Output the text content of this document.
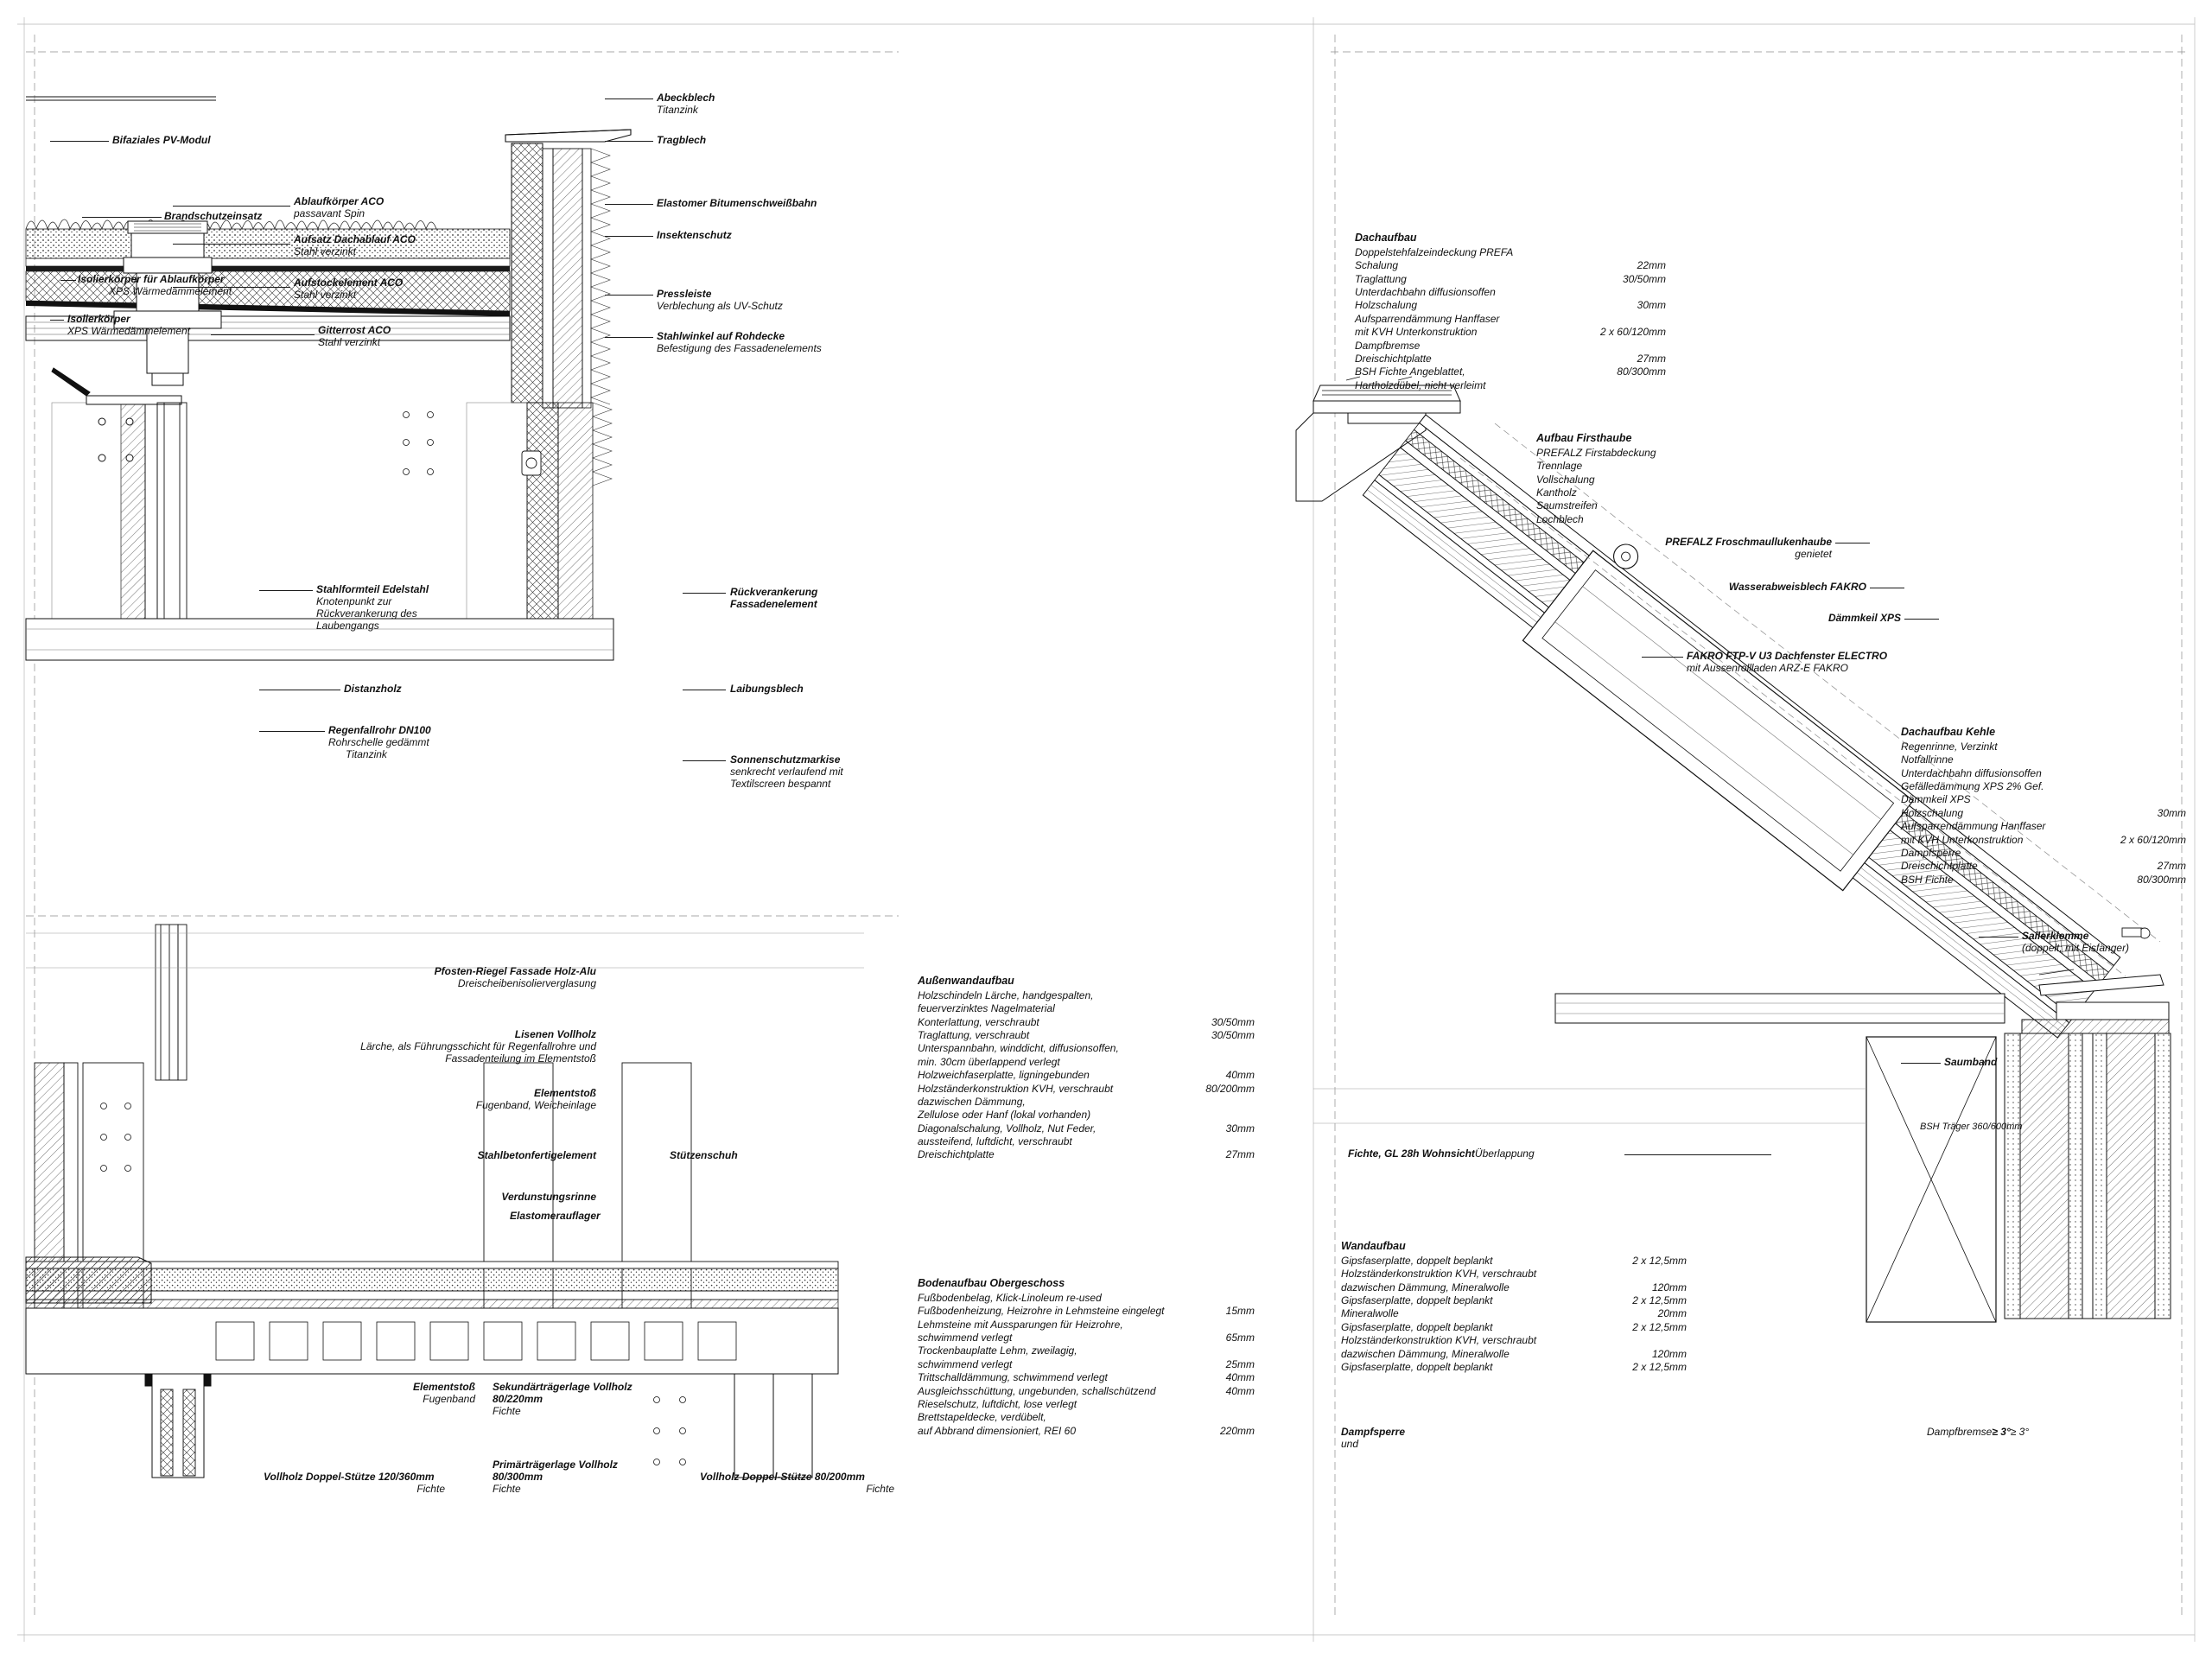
Bifaziales PV-Modul
Brandschutzeinsatz
Ablaufkörper ACO
passavant Spin
Aufsatz Dachablauf ACO
Stahl verzinkt
Isolierkörper für Ablaufkörper
XPS Wärmedämmelement
Aufstockelement ACO
Stahl verzinkt
Isolierkörper
XPS Wärmedämmelement	Gitterrost ACO
Stahl verzinkt
Abeckblech
Titanzink
Tragblech
Elastomer Bitumenschweißbahn
Insektenschutz
Pressleiste
Verblechung als UV-Schutz
Stahlwinkel auf Rohdecke
Befestigung des Fassadenelements
Stahlformteil Edelstahl
Knotenpunkt zur
Rückverankerung des
Laubengangs
Distanzholz
Regenfallrohr DN100
Rohrschelle gedämmt
Titanzink
Rückverankerung
Fassadenelement
Laibungsblech
Sonnenschutzmarkise
senkrecht verlaufend mit
Textilscreen bespannt
Pfosten-Riegel Fassade Holz-Alu
Dreischeibenisolierverglasung
Lisenen Vollholz
Lärche, als Führungsschicht für Regenfallrohre und
Fassadenteilung im Elementstoß
Elementstoß
Fugenband, Weicheinlage
Stahlbetonfertigelement	Stützenschuh
Verdunstungsrinne
Elastomerauflager
Elementstoß
Fugenband
Sekundärträgerlage Vollholz
80/220mm
Fichte
Vollholz Doppel-Stütze 120/360mm
Fichte
Primärträgerlage Vollholz
80/300mm
Fichte
Vollholz Doppel-Stütze 80/200mm
Fichte
Außenwandaufbau
Holzschindeln Lärche, handgespalten,
feuerverzinktes Nagelmaterial
Konterlattung, verschraubt	30/50mm
Traglattung, verschraubt	30/50mm
Unterspannbahn, winddicht, diffusionsoffen,
min. 30cm überlappend verlegt
Holzweichfaserplatte, ligningebunden	40mm
Holzständerkonstruktion KVH, verschraubt	80/200mm
dazwischen Dämmung,
Zellulose oder Hanf (lokal vorhanden)
Diagonalschalung, Vollholz, Nut Feder,	30mm
aussteifend, luftdicht, verschraubt
Dreischichtplatte	27mm
Bodenaufbau Obergeschoss
Fußbodenbelag, Klick-Linoleum re-used
Fußbodenheizung, Heizrohre in Lehmsteine eingelegt	15mm
Lehmsteine mit Aussparungen für Heizrohre,
schwimmend verlegt	65mm
Trockenbauplatte Lehm, zweilagig,
schwimmend verlegt	25mm
Trittschalldämmung, schwimmend verlegt	40mm
Ausgleichsschüttung, ungebunden, schallschützend	40mm
Rieselschutz, luftdicht, lose verlegt
Brettstapeldecke, verdübelt,
auf Abbrand dimensioniert, REI 60	220mm
Dachaufbau
Doppelstehfalzeindeckung PREFA
Schalung	22mm
Traglattung	30/50mm
Unterdachbahn diffusionsoffen
Holzschalung	30mm
Aufsparrendämmung Hanffaser
mit KVH Unterkonstruktion	2 x 60/120mm
Dampfbremse
Dreischichtplatte	27mm
BSH Fichte Angeblattet,	80/300mm
Hartholzdübel, nicht verleimt
Aufbau Firsthaube
PREFALZ Firstabdeckung
Trennlage
Vollschalung
Kantholz
Saumstreifen
Lochblech
Dachaufbau Kehle
Regenrinne, Verzinkt
Notfallrinne
Unterdachbahn diffusionsoffen
Gefälledämmung XPS 2% Gef.
Dämmkeil XPS
Holzschalung	30mm
Aufsparrendämmung Hanffaser
mit KVH Unterkonstruktion	2 x 60/120mm
Dampfsperre
Dreischichtplatte	27mm
BSH Fichte	80/300mm
Wandaufbau
Gipsfaserplatte, doppelt beplankt	2 x 12,5mm
Holzständerkonstruktion KVH, verschraubt
dazwischen Dämmung, Mineralwolle	120mm
Gipsfaserplatte, doppelt beplankt	2 x 12,5mm
Mineralwolle	20mm
Gipsfaserplatte, doppelt beplankt	2 x 12,5mm
Holzständerkonstruktion KVH, verschraubt
dazwischen Dämmung, Mineralwolle	120mm
Gipsfaserplatte, doppelt beplankt	2 x 12,5mm
PREFALZ Froschmaullukenhaube
genietet
Wasserabweisblech FAKRO
Dämmkeil XPS
FAKRO FTP-V U3 Dachfenster ELECTRO
mit Aussenrollladen ARZ-E FAKRO
Sailerklemme
(doppelt; mit Eisfänger)
Saumband
BSH Träger 360/600mm
Fichte, GL 28h WohnsichtÜberlappung
Dampfsperre
und
Dampfbremse≥ 3°≥ 3°
